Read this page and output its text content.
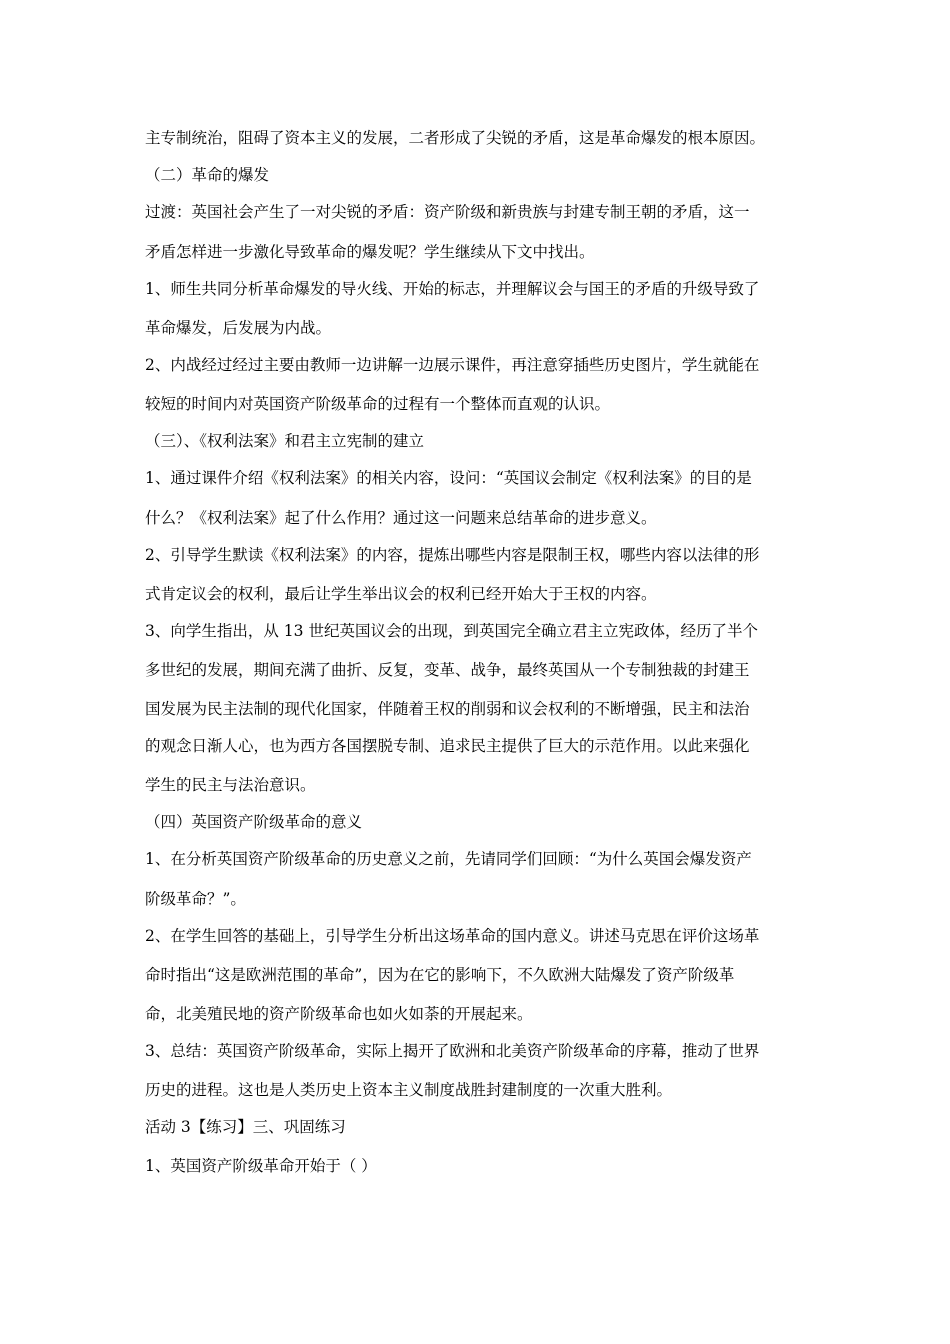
主专制统治，阻碍了资本主义的发展，二者形成了尖锐的矛盾，这是革命爆发的根本原因。
（二）革命的爆发
过渡：英国社会产生了一对尖锐的矛盾：资产阶级和新贵族与封建专制王朝的矛盾，这一
矛盾怎样进一步激化导致革命的爆发呢？学生继续从下文中找出。
1、师生共同分析革命爆发的导火线、开始的标志，并理解议会与国王的矛盾的升级导致了
革命爆发，后发展为内战。
2、内战经过经过主要由教师一边讲解一边展示课件，再注意穿插些历史图片，学生就能在
较短的时间内对英国资产阶级革命的过程有一个整体而直观的认识。
（三）、《权利法案》和君主立宪制的建立
1、通过课件介绍《权利法案》的相关内容，设问：“英国议会制定《权利法案》的目的是
什么？《权利法案》起了什么作用？通过这一问题来总结革命的进步意义。
2、引导学生默读《权利法案》的内容，提炼出哪些内容是限制王权，哪些内容以法律的形
式肯定议会的权利，最后让学生举出议会的权利已经开始大于王权的内容。
3、向学生指出，从 13 世纪英国议会的出现，到英国完全确立君主立宪政体，经历了半个
多世纪的发展，期间充满了曲折、反复，变革、战争，最终英国从一个专制独裁的封建王
国发展为民主法制的现代化国家，伴随着王权的削弱和议会权利的不断增强，民主和法治
的观念日渐人心，也为西方各国摆脱专制、追求民主提供了巨大的示范作用。以此来强化
学生的民主与法治意识。
（四）英国资产阶级革命的意义
1、在分析英国资产阶级革命的历史意义之前，先请同学们回顾：“为什么英国会爆发资产
阶级革命？”。
2、在学生回答的基础上，引导学生分析出这场革命的国内意义。讲述马克思在评价这场革
命时指出“这是欧洲范围的革命”，因为在它的影响下，不久欧洲大陆爆发了资产阶级革
命，北美殖民地的资产阶级革命也如火如荼的开展起来。
3、总结：英国资产阶级革命，实际上揭开了欧洲和北美资产阶级革命的序幕，推动了世界
历史的进程。这也是人类历史上资本主义制度战胜封建制度的一次重大胜利。
活动 3【练习】三、巩固练习
1、英国资产阶级革命开始于（ ）
